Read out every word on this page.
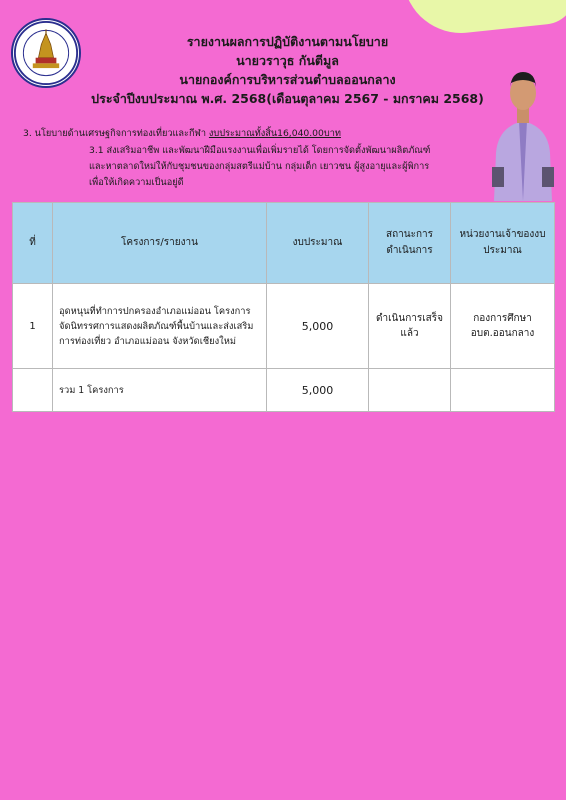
รายงานผลการปฏิบัติงานตามนโยบาย
นายวราวุธ กันตีมูล
นายกองค์การบริหารส่วนตำบลออนกลาง
ประจำปีงบประมาณ พ.ศ. 2568(เดือนตุลาคม 2567 - มกราคม 2568)
3. นโยบายด้านเศรษฐกิจการท่องเที่ยวและกีฬา งบประมาณทั้งสิ้น16,040.00บาท
3.1 ส่งเสริมอาชีพ และพัฒนาฝีมือแรงงานเพื่อเพิ่มรายได้ โดยการจัดตั้งพัฒนาผลิตภัณฑ์
และหาตลาดใหม่ให้กับชุมชนของกลุ่มสตรีแม่บ้าน กลุ่มเด็ก เยาวชน ผู้สูงอายุและผู้พิการ
เพื่อให้เกิดความเป็นอยู่ดี
ที่	โครงการ/รายงาน	งบประมาณ	สถานะการดำเนินการ	หน่วยงานเจ้าของงบประมาณ
1	อุดหนุนที่ทำการปกครองอำเภอแม่ออน โครงการจัดนิทรรศการแสดงผลิตภัณฑ์พื้นบ้านและส่งเสริมการท่องเที่ยว อำเภอแม่ออน จังหวัดเชียงใหม่	5,000	ดำเนินการเสร็จแล้ว	กองการศึกษา อบต.ออนกลาง
	รวม 1 โครงการ	5,000		
